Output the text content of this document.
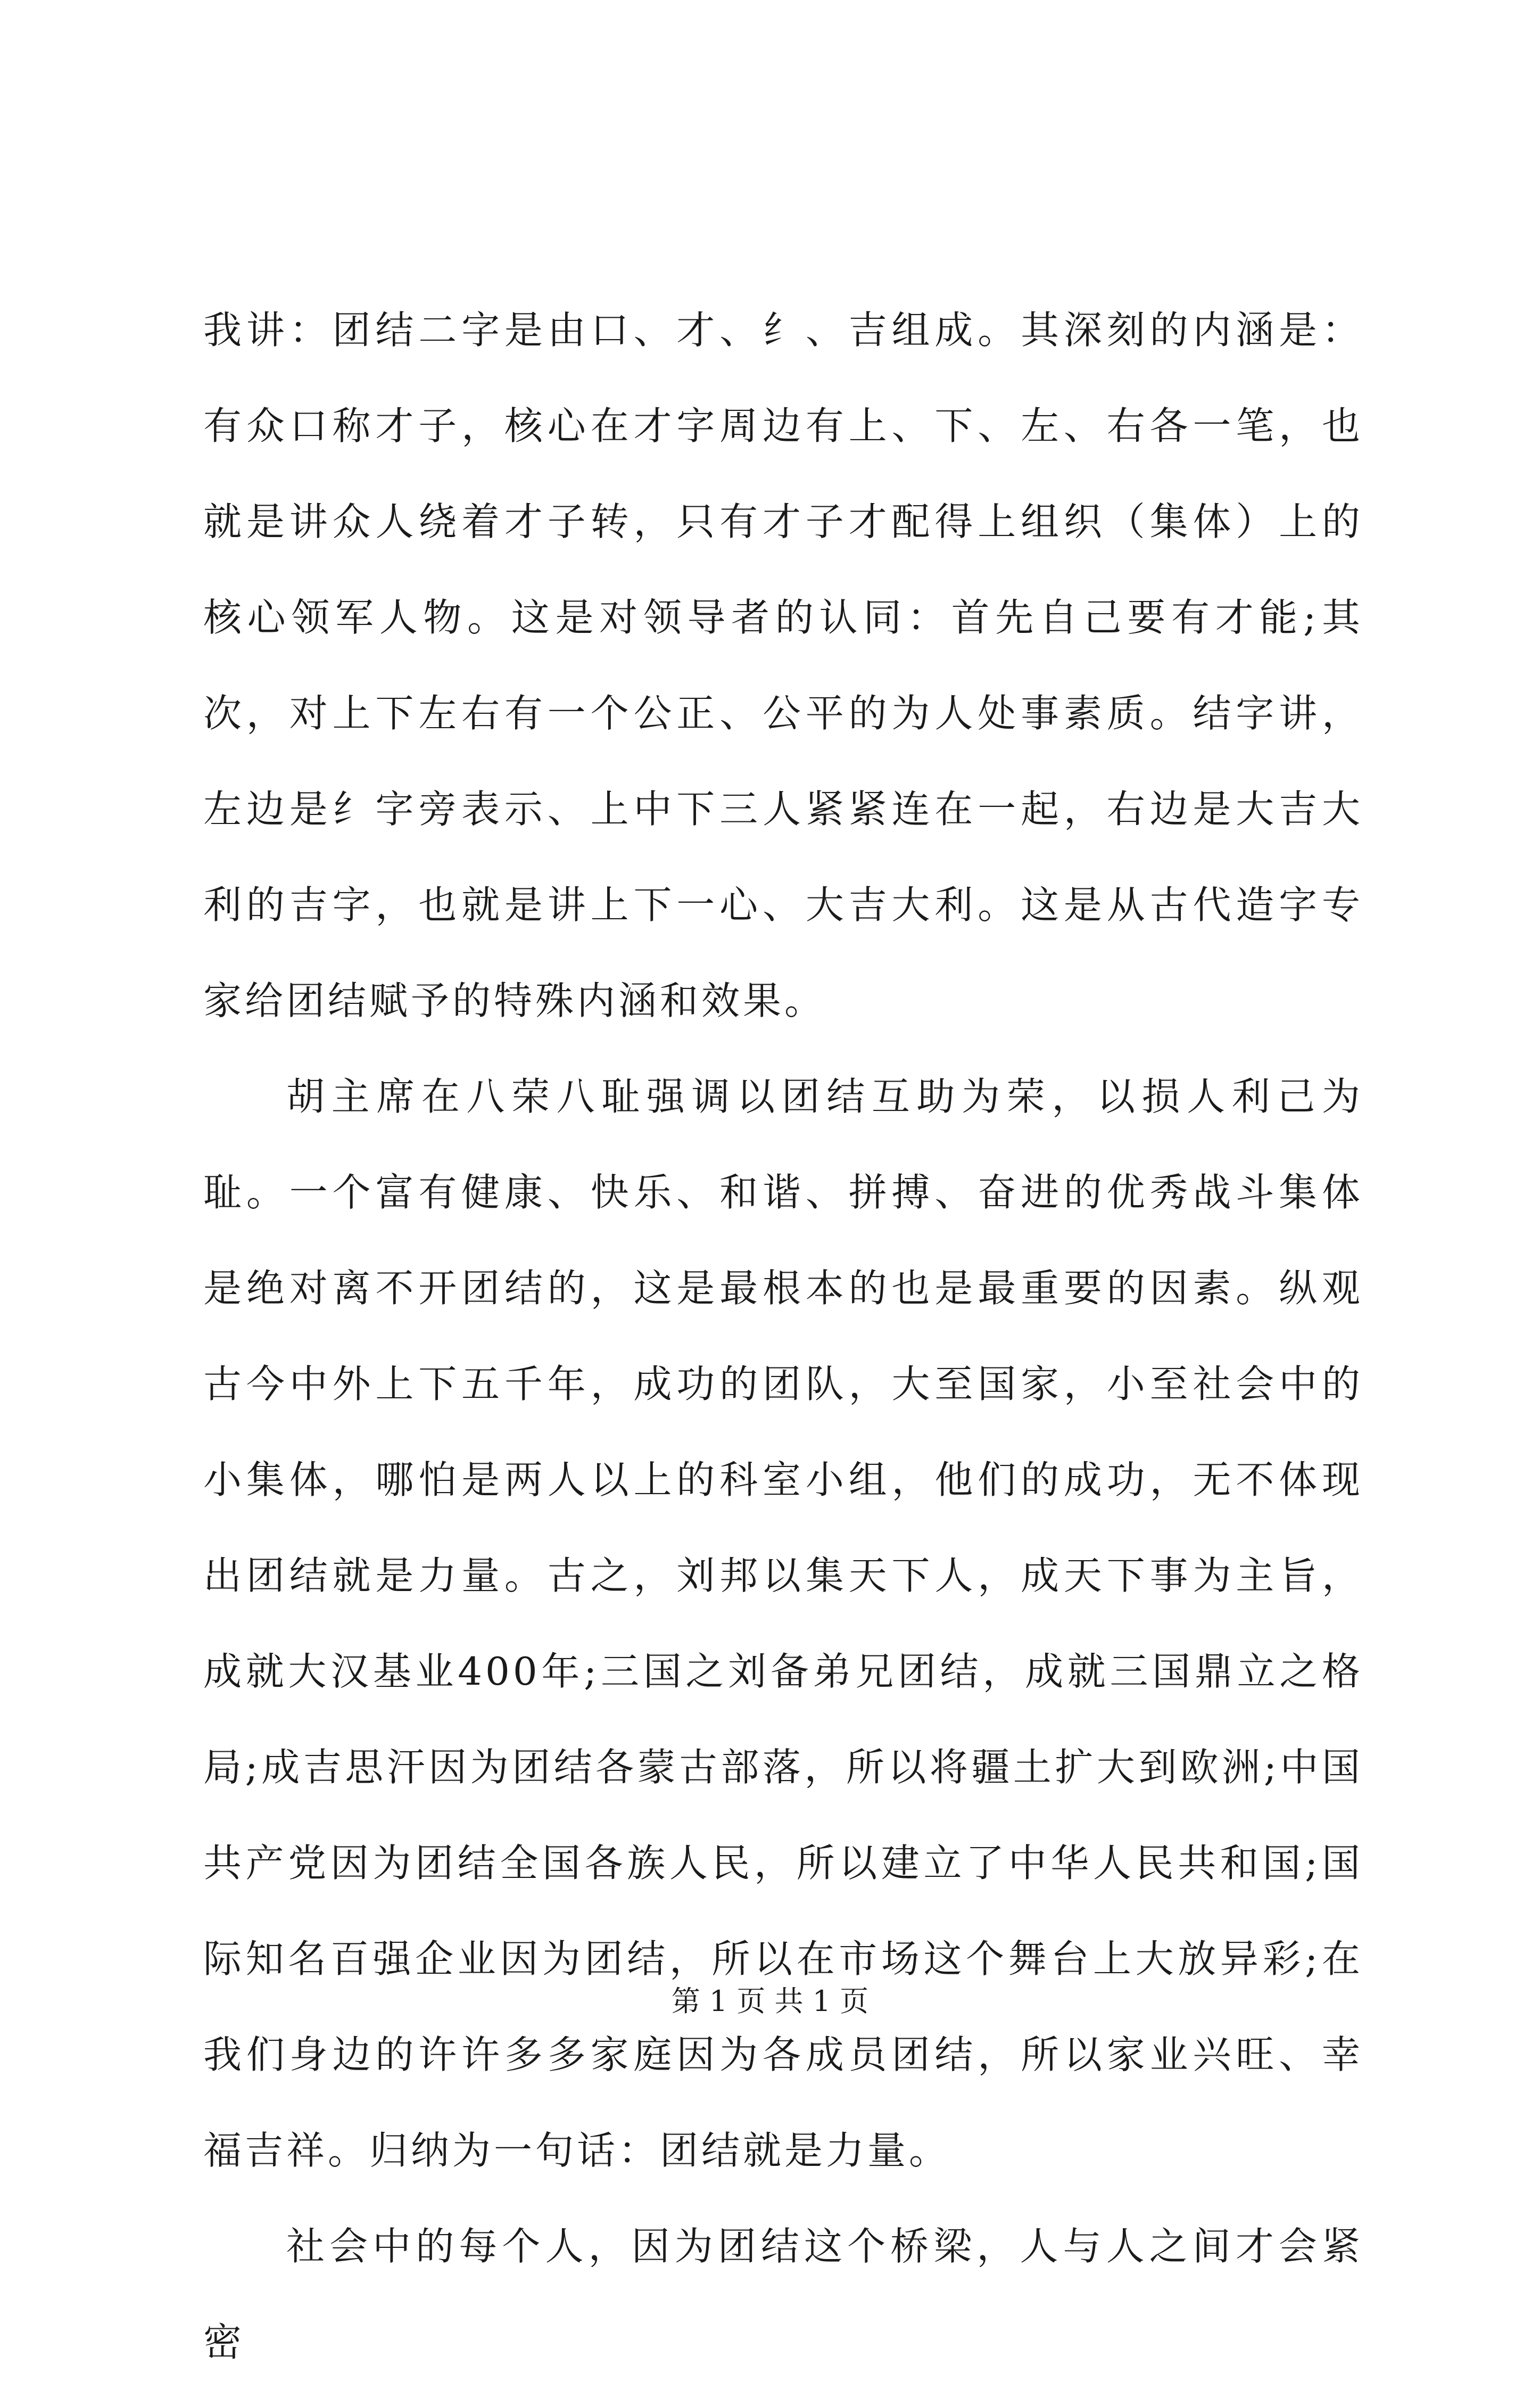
我讲：团结二字是由口、才、纟、吉组成。其深刻的内涵是：有众口称才子，核心在才字周边有上、下、左、右各一笔，也就是讲众人绕着才子转，只有才子才配得上组织（集体）上的核心领军人物。这是对领导者的认同：首先自己要有才能;其次，对上下左右有一个公正、公平的为人处事素质。结字讲，左边是纟字旁表示、上中下三人紧紧连在一起，右边是大吉大利的吉字，也就是讲上下一心、大吉大利。这是从古代造字专家给团结赋予的特殊内涵和效果。

胡主席在八荣八耻强调以团结互助为荣，以损人利己为耻。一个富有健康、快乐、和谐、拼搏、奋进的优秀战斗集体是绝对离不开团结的，这是最根本的也是最重要的因素。纵观古今中外上下五千年，成功的团队，大至国家，小至社会中的小集体，哪怕是两人以上的科室小组，他们的成功，无不体现出团结就是力量。古之，刘邦以集天下人，成天下事为主旨，成就大汉基业400年;三国之刘备弟兄团结，成就三国鼎立之格局;成吉思汗因为团结各蒙古部落，所以将疆土扩大到欧洲;中国共产党因为团结全国各族人民，所以建立了中华人民共和国;国际知名百强企业因为团结，所以在市场这个舞台上大放异彩;在我们身边的许许多多家庭因为各成员团结，所以家业兴旺、幸福吉祥。归纳为一句话：团结就是力量。

社会中的每个人，因为团结这个桥梁，人与人之间才会紧密

第 1 页 共 1 页
